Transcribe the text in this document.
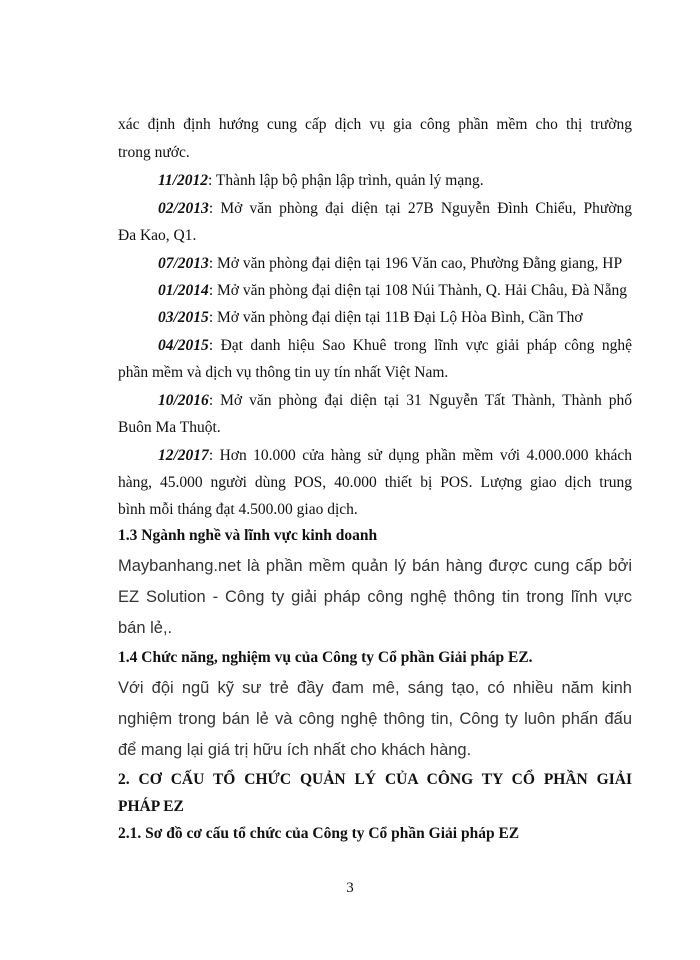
xác định định hướng cung cấp dịch vụ gia công phần mềm cho thị trường
trong nước.
11/2012: Thành lập bộ phận lập trình, quản lý mạng.
02/2013: Mở văn phòng đại diện tại 27B Nguyễn Đình Chiểu, Phường
Đa Kao, Q1.
07/2013: Mở văn phòng đại diện tại 196 Văn cao, Phường Đằng giang, HP
01/2014: Mở văn phòng đại diện tại 108 Núi Thành, Q. Hải Châu, Đà Nẵng
03/2015: Mở văn phòng đại diện tại 11B Đại Lộ Hòa Bình, Cần Thơ
04/2015: Đạt danh hiệu Sao Khuê trong lĩnh vực giải pháp công nghệ
phần mềm và dịch vụ thông tin uy tín nhất Việt Nam.
10/2016: Mở văn phòng đại diện tại 31 Nguyễn Tất Thành, Thành phố
Buôn Ma Thuột.
12/2017: Hơn 10.000 cửa hàng sử dụng phần mềm với 4.000.000 khách
hàng, 45.000 người dùng POS, 40.000 thiết bị POS. Lượng giao dịch trung
bình mỗi tháng đạt 4.500.00 giao dịch.
1.3 Ngành nghề và lĩnh vực kinh doanh
Maybanhang.net là phần mềm quản lý bán hàng được cung cấp bởi
EZ Solution - Công ty giải pháp công nghệ thông tin trong lĩnh vực
bán lẻ,.
1.4 Chức năng, nghiệm vụ của Công ty Cổ phần Giải pháp EZ.
Với đội ngũ kỹ sư trẻ đầy đam mê, sáng tạo, có nhiều năm kinh
nghiệm trong bán lẻ và công nghệ thông tin, Công ty luôn phấn đấu
để mang lại giá trị hữu ích nhất cho khách hàng.
2. CƠ CẤU TỔ CHỨC QUẢN LÝ CỦA CÔNG TY CỔ PHẦN GIẢI
PHÁP EZ
2.1. Sơ đồ cơ cấu tổ chức của Công ty Cổ phần Giải pháp EZ
3
